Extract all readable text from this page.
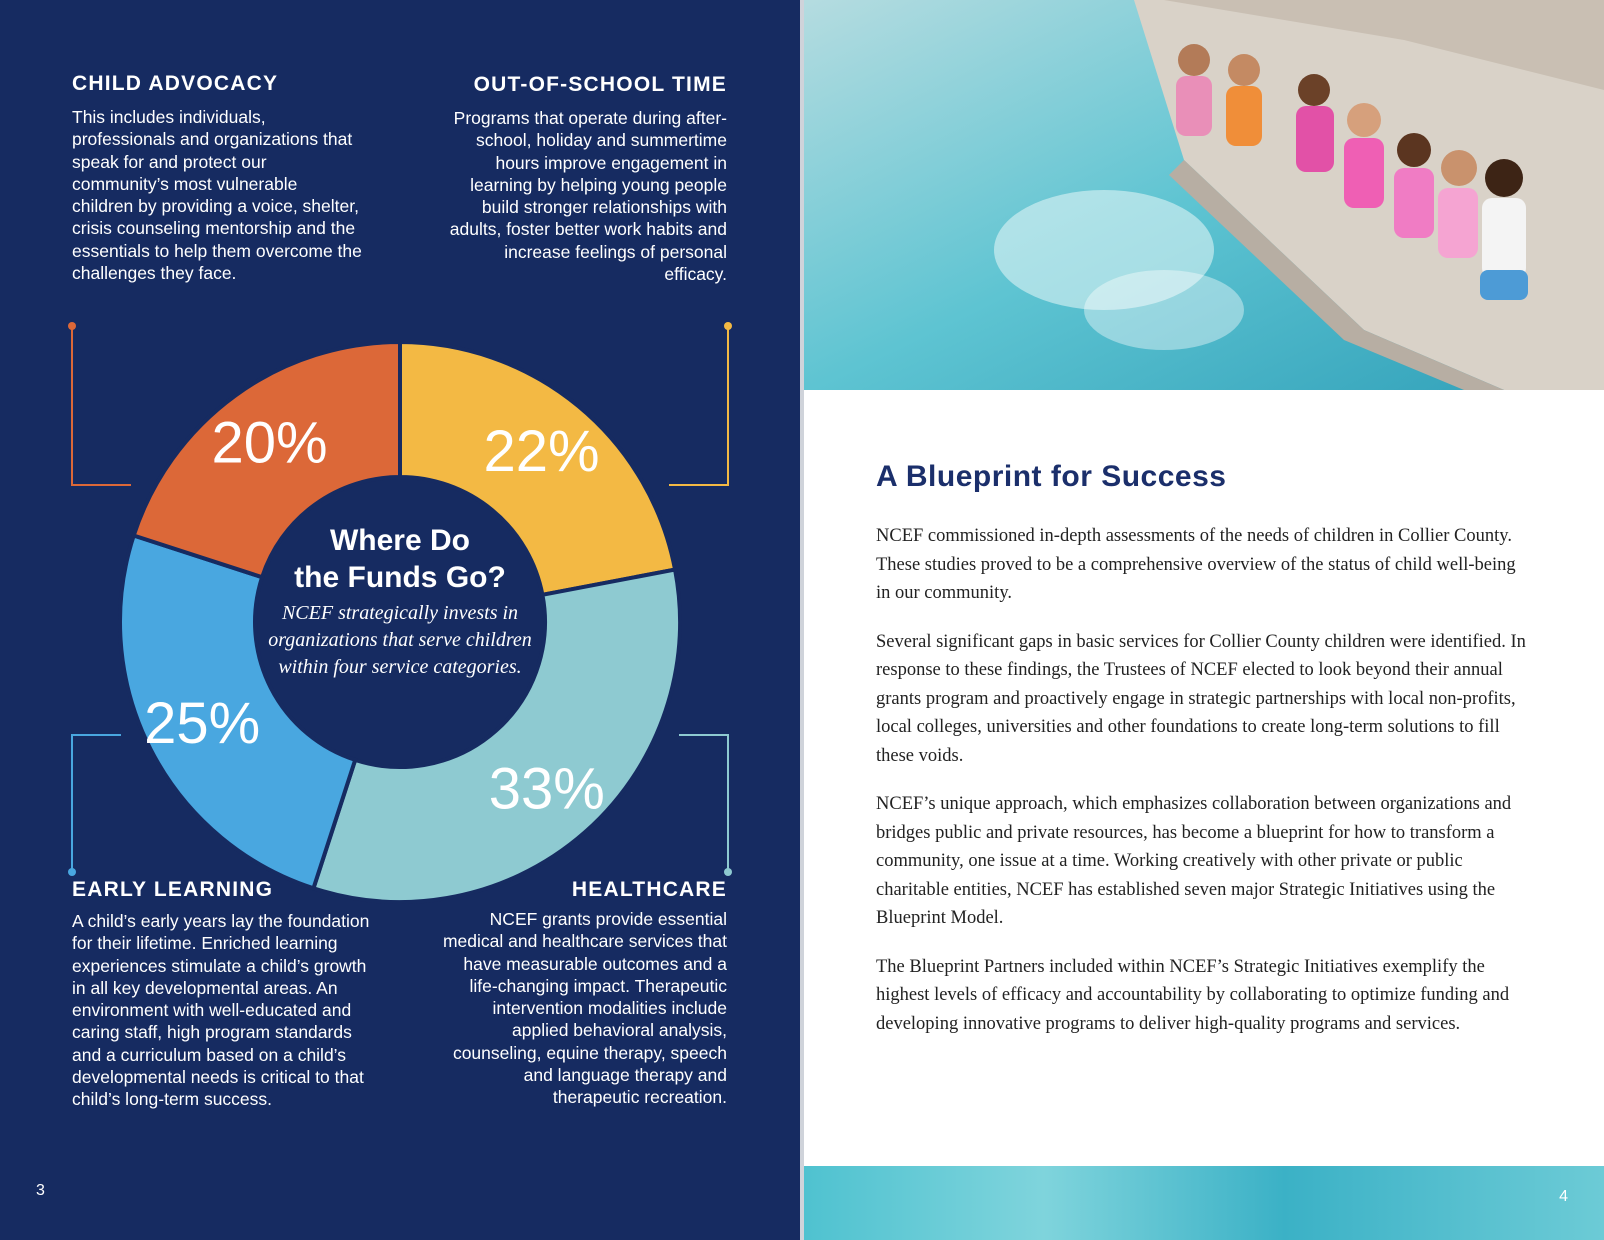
CHILD ADVOCACY

This includes individuals, professionals and organizations that speak for and protect our community’s most vulnerable children by providing a voice, shelter, crisis counseling mentorship and the essentials to help them overcome the challenges they face.

OUT-OF-SCHOOL TIME

Programs that operate during after-school, holiday and summertime hours improve engagement in learning by helping young people build stronger relationships with adults, foster better work habits and increase feelings of personal efficacy.

22%
33%
25%
20%

Where Do
the Funds Go?

NCEF strategically invests in organizations that serve children within four service categories.

EARLY LEARNING

A child’s early years lay the foundation for their lifetime. Enriched learning experiences stimulate a child’s growth in all key developmental areas. An environment with well-educated and caring staff, high program standards and a curriculum based on a child’s developmental needs is critical to that child’s long-term success.

HEALTHCARE

NCEF grants provide essential medical and healthcare services that have measurable outcomes and a life-changing impact. Therapeutic intervention modalities include applied behavioral analysis, counseling, equine therapy, speech and language therapy and therapeutic recreation.

3
A Blueprint for Success

NCEF commissioned in-depth assessments of the needs of children in Collier County. These studies proved to be a comprehensive overview of the status of child well-being in our community.

Several significant gaps in basic services for Collier County children were identified. In response to these findings, the Trustees of NCEF elected to look beyond their annual grants program and proactively engage in strategic partnerships with local non-profits, local colleges, universities and other foundations to create long-term solutions to fill these voids.

NCEF’s unique approach, which emphasizes collaboration between organizations and bridges public and private resources, has become a blueprint for how to transform a community, one issue at a time. Working creatively with other private or public charitable entities, NCEF has established seven major Strategic Initiatives using the Blueprint Model.

The Blueprint Partners included within NCEF’s Strategic Initiatives exemplify the highest levels of efficacy and accountability by collaborating to optimize funding and developing innovative programs to deliver high-quality programs and services.

4
